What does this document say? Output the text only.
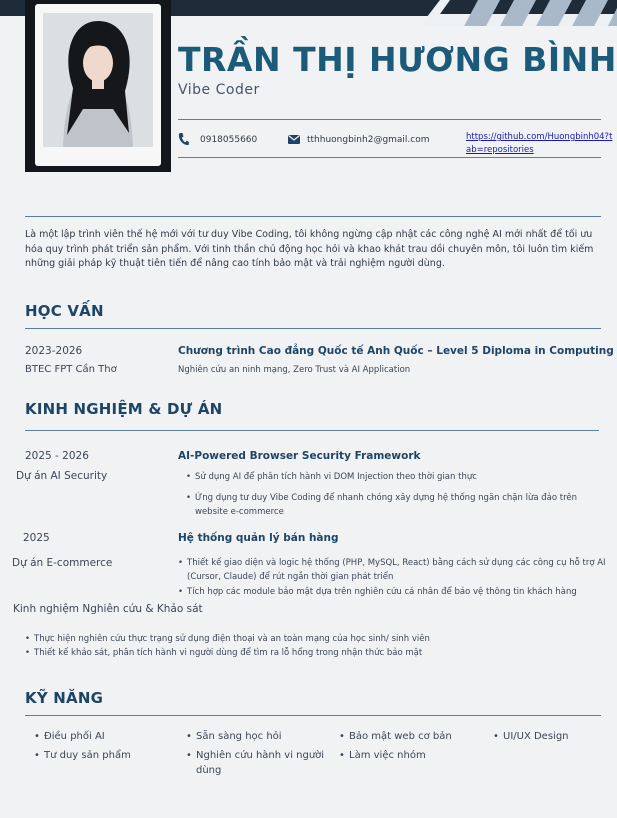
TRẦN THỊ HƯƠNG BÌNH
Vibe Coder
0918055660	tthhuongbinh2@gmail.com	https://github.com/Huongbinh04?tab=repositories
Là một lập trình viên thế hệ mới với tư duy Vibe Coding, tôi không ngừng cập nhật các công nghệ AI mới nhất để tối ưu hóa quy trình phát triển sản phẩm. Với tinh thần chủ động học hỏi và khao khát trau dồi chuyên môn, tôi luôn tìm kiếm những giải pháp kỹ thuật tiên tiến để nâng cao tính bảo mật và trải nghiệm người dùng.
HỌC VẤN
2023-2026
BTEC FPT Cần Thơ
Chương trình Cao đẳng Quốc tế Anh Quốc – Level 5 Diploma in Computing
Nghiên cứu an ninh mạng, Zero Trust và AI Application
KINH NGHIỆM & DỰ ÁN
2025 - 2026
Dự án AI Security
AI-Powered Browser Security Framework
• Sử dụng AI để phân tích hành vi DOM Injection theo thời gian thực
• Ứng dụng tư duy Vibe Coding để nhanh chóng xây dựng hệ thống ngăn chặn lừa đảo trên website e-commerce
2025
Dự án E-commerce
Hệ thống quản lý bán hàng
• Thiết kế giao diện và logic hệ thống (PHP, MySQL, React) bằng cách sử dụng các công cụ hỗ trợ AI (Cursor, Claude) để rút ngắn thời gian phát triển
• Tích hợp các module bảo mật dựa trên nghiên cứu cá nhân để bảo vệ thông tin khách hàng
Kinh nghiệm Nghiên cứu & Khảo sát
• Thực hiện nghiên cứu thực trạng sử dụng điện thoại và an toàn mạng của học sinh/ sinh viên
• Thiết kế khảo sát, phân tích hành vi người dùng để tìm ra lỗ hổng trong nhận thức bảo mật
KỸ NĂNG
• Điều phối AI
• Tư duy sản phẩm
• Sẵn sàng học hỏi
• Nghiên cứu hành vi người dùng
• Bảo mật web cơ bản
• Làm việc nhóm
• UI/UX Design
